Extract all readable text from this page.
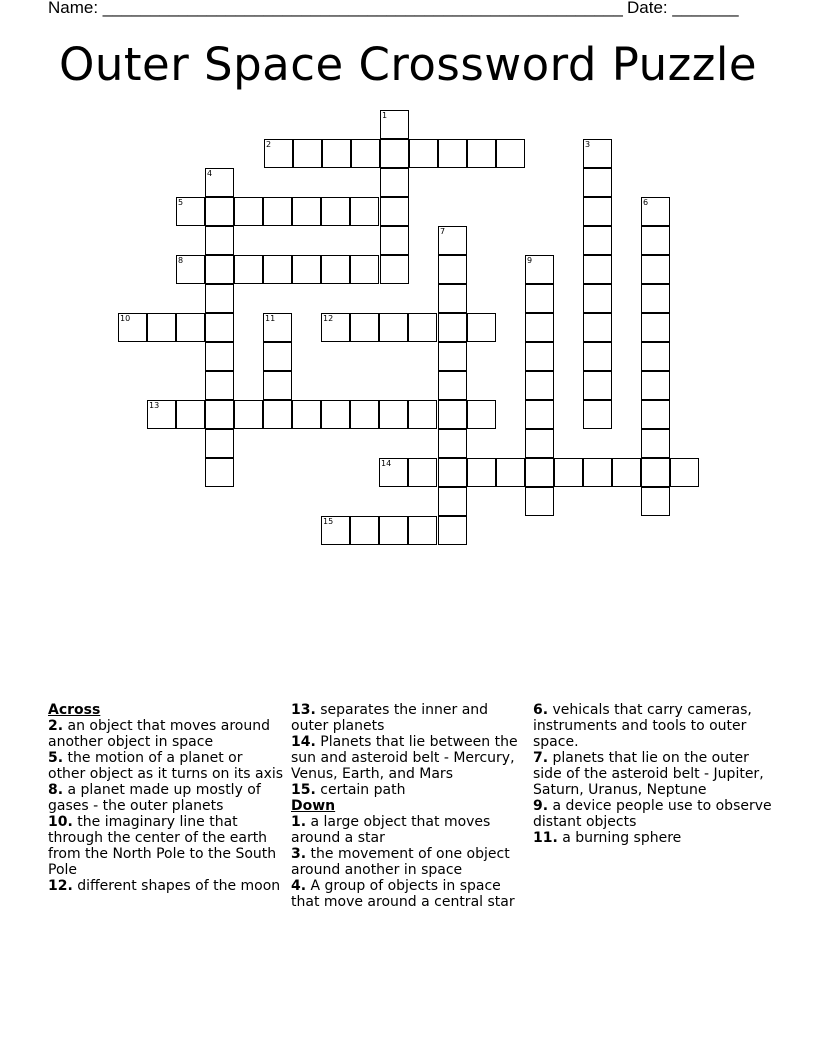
Name: _______________________________________________________ Date: _______
Outer Space Crossword Puzzle
1
2	3
4
5	6
7
8	9
10	11	12
13
14
15
Across
2. an object that moves around another object in space
5. the motion of a planet or other object as it turns on its axis
8. a planet made up mostly of gases - the outer planets
10. the imaginary line that through the center of the earth from the North Pole to the South Pole
12. different shapes of the moon
13. separates the inner and outer planets
14. Planets that lie between the sun and asteroid belt - Mercury, Venus, Earth, and Mars
15. certain path
Down
1. a large object that moves around a star
3. the movement of one object around another in space
4. A group of objects in space that move around a central star
6. vehicals that carry cameras, instruments and tools to outer space.
7. planets that lie on the outer side of the asteroid belt - Jupiter, Saturn, Uranus, Neptune
9. a device people use to observe distant objects
11. a burning sphere
